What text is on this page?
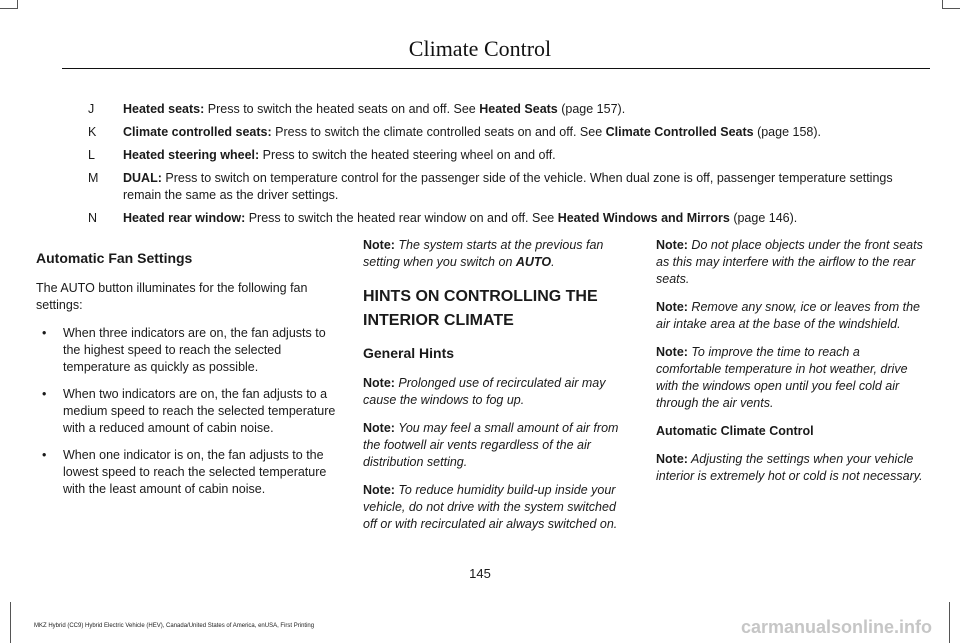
Climate Control
J	Heated seats: Press to switch the heated seats on and off. See Heated Seats (page 157).
K	Climate controlled seats: Press to switch the climate controlled seats on and off. See Climate Controlled Seats (page 158).
L	Heated steering wheel: Press to switch the heated steering wheel on and off.
M	DUAL: Press to switch on temperature control for the passenger side of the vehicle. When dual zone is off, passenger temperature settings remain the same as the driver settings.
N	Heated rear window: Press to switch the heated rear window on and off. See Heated Windows and Mirrors (page 146).
Automatic Fan Settings

The AUTO button illuminates for the following fan settings:

• When three indicators are on, the fan adjusts to the highest speed to reach the selected temperature as quickly as possible.
• When two indicators are on, the fan adjusts to a medium speed to reach the selected temperature with a reduced amount of cabin noise.
• When one indicator is on, the fan adjusts to the lowest speed to reach the selected temperature with the least amount of cabin noise.

Note: The system starts at the previous fan setting when you switch on AUTO.

HINTS ON CONTROLLING THE
INTERIOR CLIMATE
General Hints

Note: Prolonged use of recirculated air may cause the windows to fog up.

Note: You may feel a small amount of air from the footwell air vents regardless of the air distribution setting.

Note: To reduce humidity build-up inside your vehicle, do not drive with the system switched off or with recirculated air always switched on.

Note: Do not place objects under the front seats as this may interfere with the airflow to the rear seats.

Note: Remove any snow, ice or leaves from the air intake area at the base of the windshield.

Note: To improve the time to reach a comfortable temperature in hot weather, drive with the windows open until you feel cold air through the air vents.

Automatic Climate Control

Note: Adjusting the settings when your vehicle interior is extremely hot or cold is not necessary.

145
MKZ Hybrid (CC9) Hybrid Electric Vehicle (HEV), Canada/United States of America, enUSA, First Printing	carmanualsonline.info
